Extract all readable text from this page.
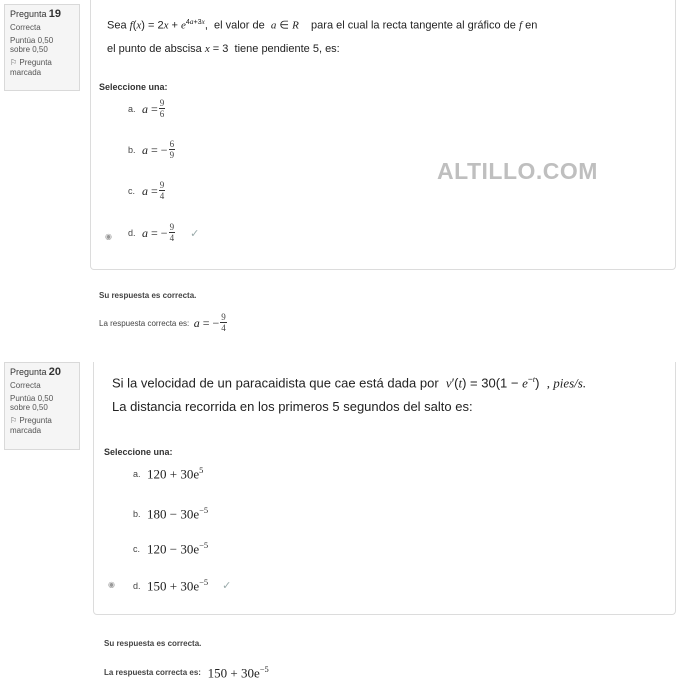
Pregunta 19
Correcta
Puntúa 0,50 sobre 0,50
⚐ Pregunta marcada
Sea $f(x) = 2x + e^{4a+3x}$,  el valor de a ∈ R para el cual la recta tangente al gráfico de f en
el punto de abscisa x = 3  tiene pendiente 5, es:
Seleccione una:
a. $a = \frac{9}{6}$
b. a = − $\frac{6}{9}$
c. $a = \frac{9}{4}$
◉ d. a = − $\frac{9}{4}$ ✓
Su respuesta es correcta.
La respuesta correcta es:
a = − $\frac{9}{4}$
ALTILLO.COM
Pregunta 20
Correcta
Puntúa 0,50 sobre 0,50
⚐ Pregunta marcada
Si la velocidad de un paracaidista que cae está dada por $v'(t) = 30(1 - e^{-t})$  , pies/s.
La distancia recorrida en los primeros 5 segundos del salto es:
Seleccione una:
a. $120 + 30e^5$
b. $180 - 30e^{-5}$
c. $120 - 30e^{-5}$
◉ d. $150 + 30e^{-5}$ ✓
Su respuesta es correcta.
La respuesta correcta es:
$150 + 30e^{-5}$
